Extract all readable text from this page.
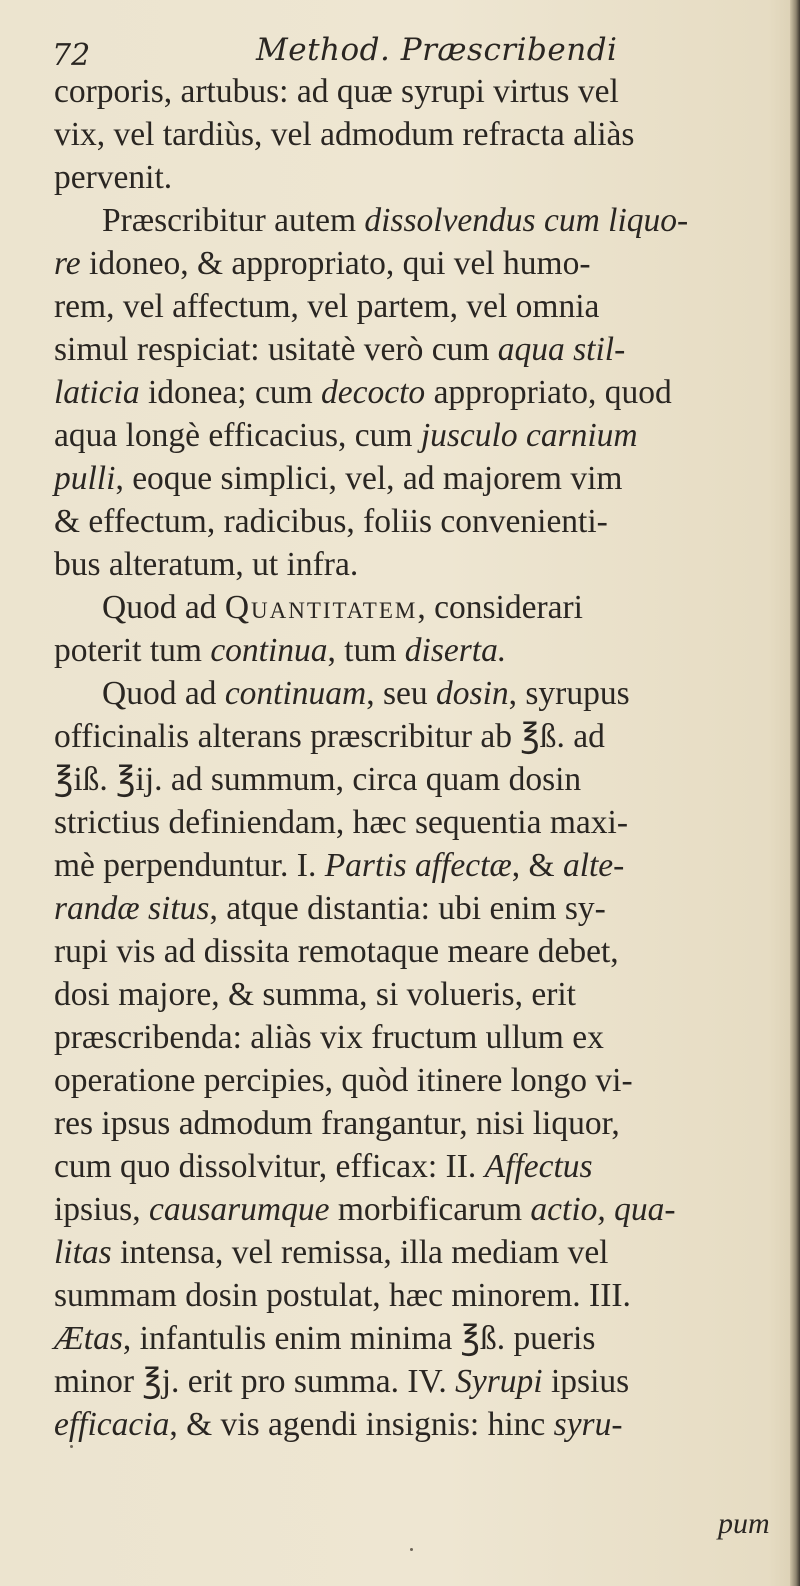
72	Method. Præscribendi
corporis, artubus: ad quæ syrupi virtus vel
vix, vel tardiùs, vel admodum refracta aliàs
pervenit.
Præscribitur autem dissolvendus cum liquo-
re idoneo, & appropriato, qui vel humo-
rem, vel affectum, vel partem, vel omnia
simul respiciat: usitatè verò cum aqua stil-
laticia idonea; cum decocto appropriato, quod
aqua longè efficacius, cum jusculo carnium
pulli, eoque simplici, vel, ad majorem vim
& effectum, radicibus, foliis convenienti-
bus alteratum, ut infra.
Quod ad Quantitatem, considerari
poterit tum continua, tum diserta.
Quod ad continuam, seu dosin, syrupus
officinalis alterans præscribitur ab ℥ß. ad
℥iß. ℥ij. ad summum, circa quam dosin
strictius definiendam, hæc sequentia maxi-
mè perpenduntur. I. Partis affectæ, & alte-
randæ situs, atque distantia: ubi enim sy-
rupi vis ad dissita remotaque meare debet,
dosi majore, & summa, si volueris, erit
præscribenda: aliàs vix fructum ullum ex
operatione percipies, quòd itinere longo vi-
res ipsus admodum frangantur, nisi liquor,
cum quo dissolvitur, efficax: II. Affectus
ipsius, causarumque morbificarum actio, qua-
litas intensa, vel remissa, illa mediam vel
summam dosin postulat, hæc minorem. III.
Ætas, infantulis enim minima ℥ß. pueris
minor ℥j. erit pro summa. IV. Syrupi ipsius
efficacia, & vis agendi insignis: hinc syru-
pum
